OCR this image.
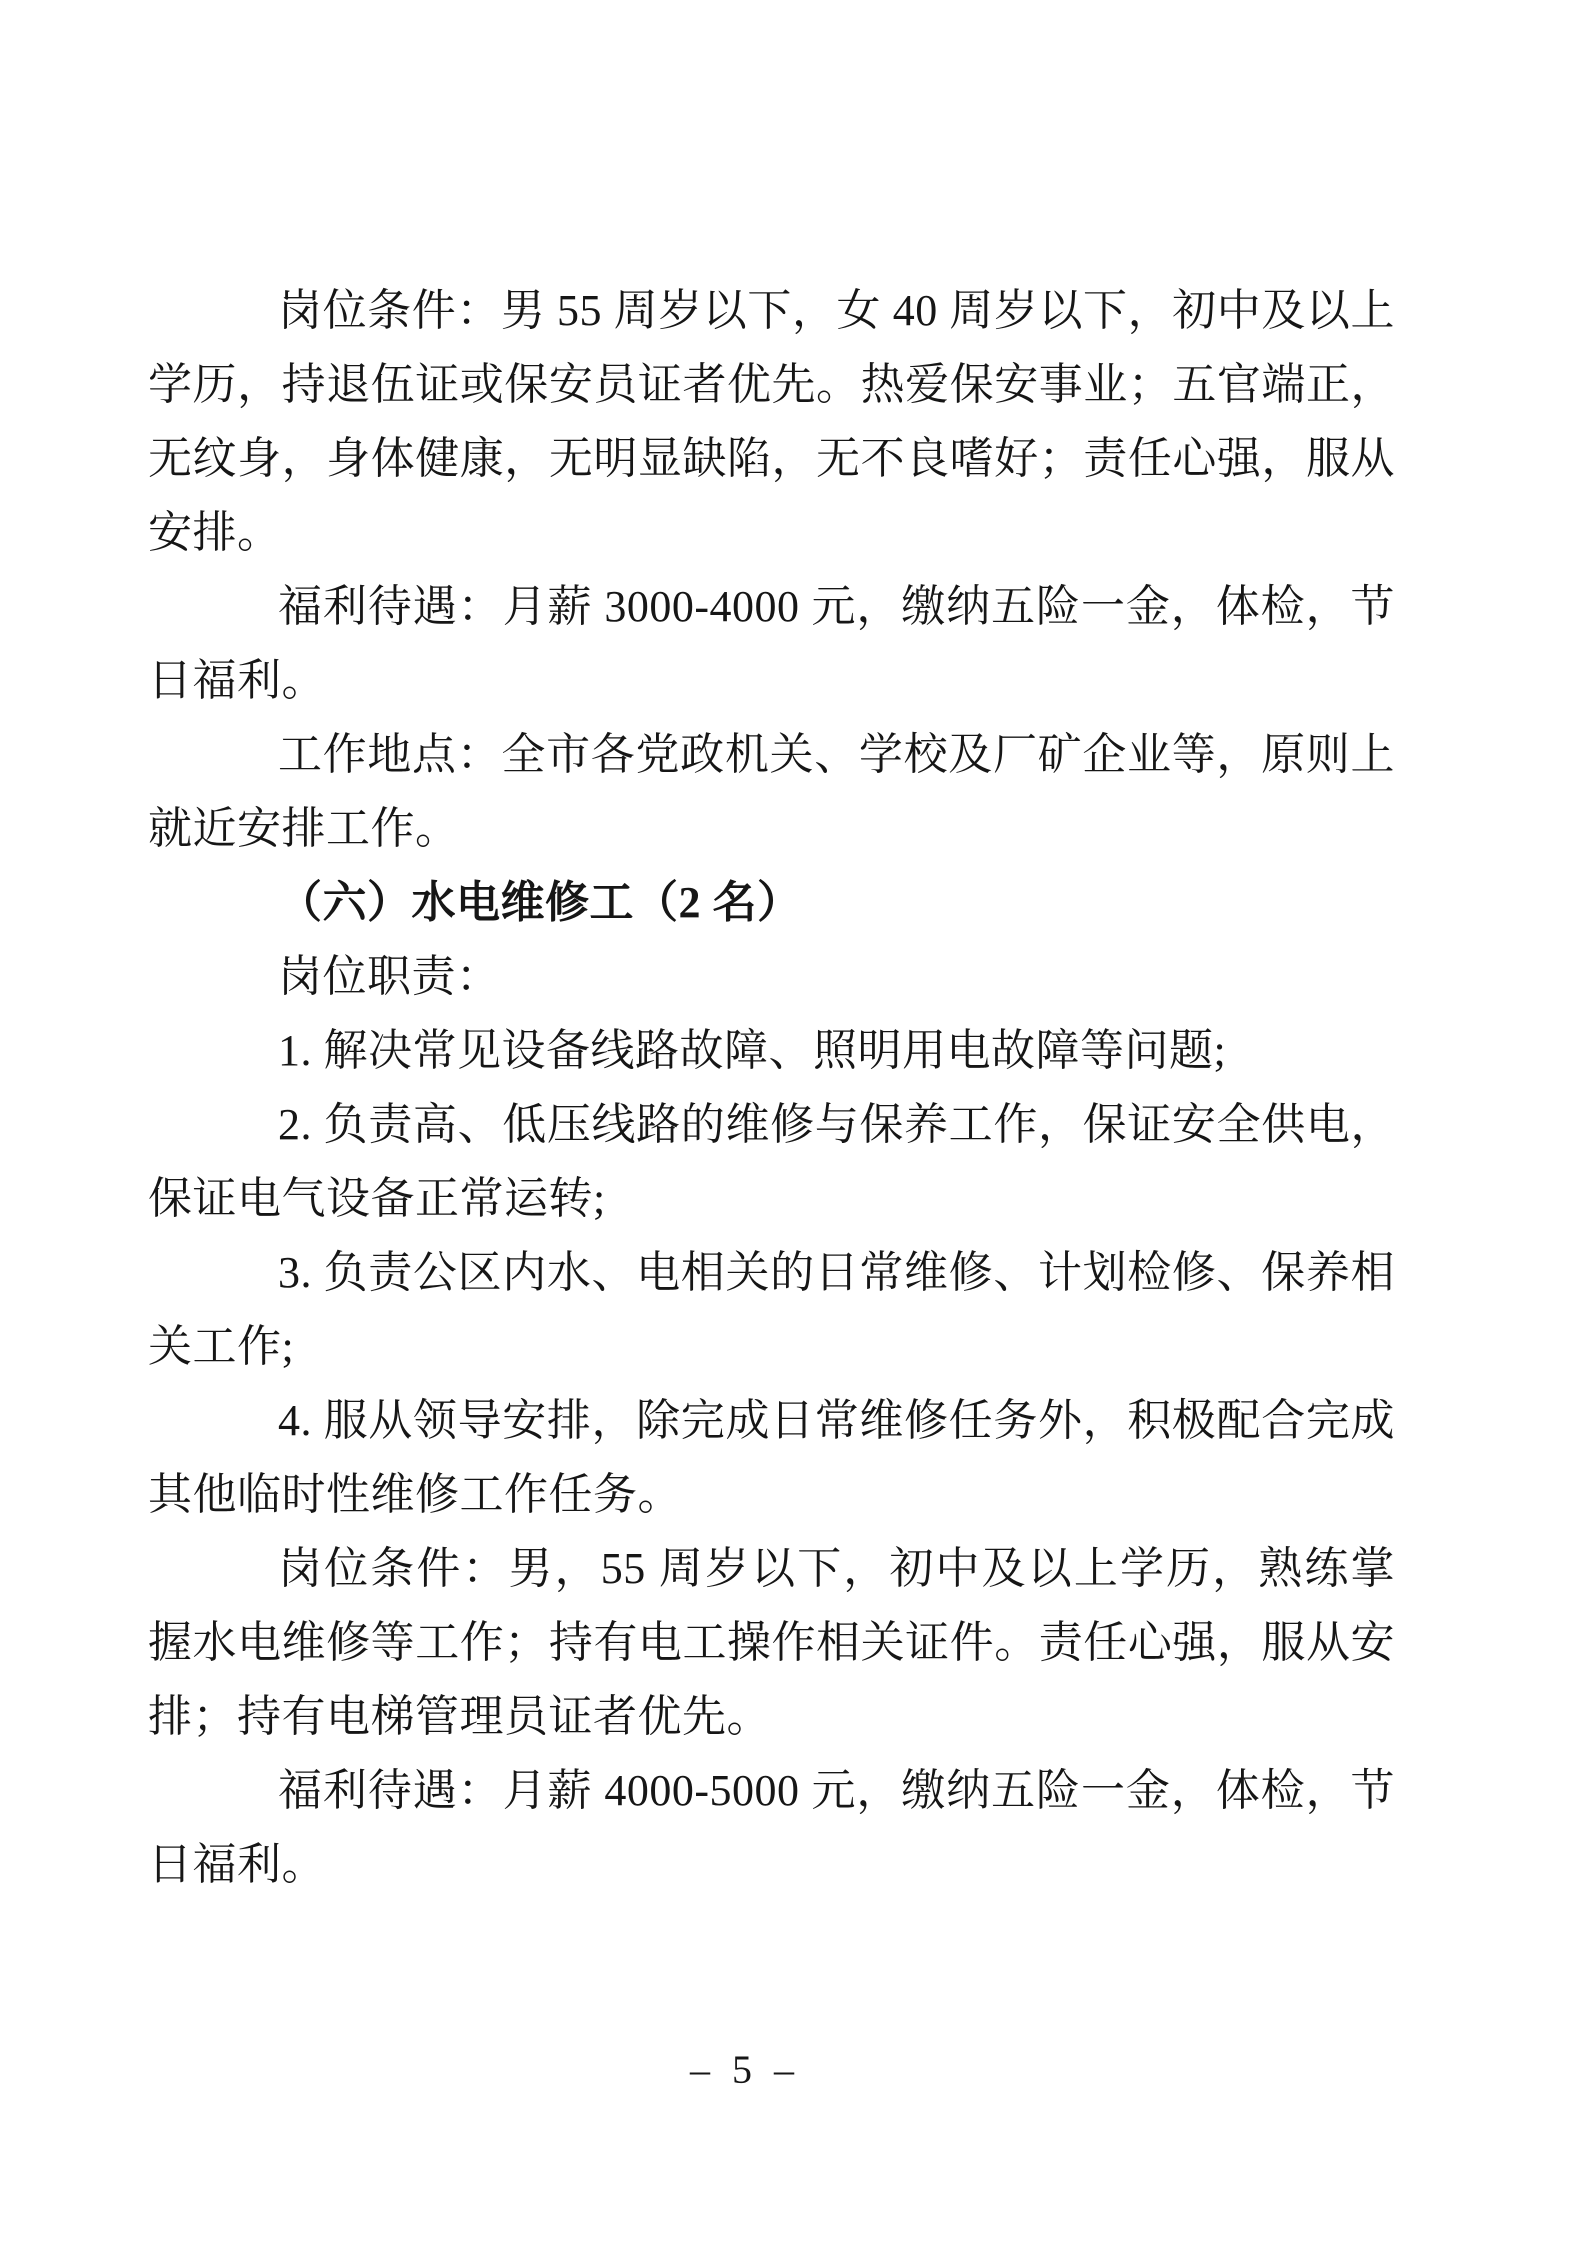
岗位条件：男 55 周岁以下，女 40 周岁以下，初中及以上学历，持退伍证或保安员证者优先。热爱保安事业；五官端正，无纹身，身体健康，无明显缺陷，无不良嗜好；责任心强，服从安排。

福利待遇：月薪 3000-4000 元，缴纳五险一金，体检，节日福利。

工作地点：全市各党政机关、学校及厂矿企业等，原则上就近安排工作。

（六）水电维修工（2 名）

岗位职责：

1. 解决常见设备线路故障、照明用电故障等问题;

2. 负责高、低压线路的维修与保养工作，保证安全供电，保证电气设备正常运转;

3. 负责公区内水、电相关的日常维修、计划检修、保养相关工作;

4. 服从领导安排，除完成日常维修任务外，积极配合完成其他临时性维修工作任务。

岗位条件：男，55 周岁以下，初中及以上学历，熟练掌握水电维修等工作；持有电工操作相关证件。责任心强，服从安排；持有电梯管理员证者优先。

福利待遇：月薪 4000-5000 元，缴纳五险一金，体检，节日福利。

– 5 –
